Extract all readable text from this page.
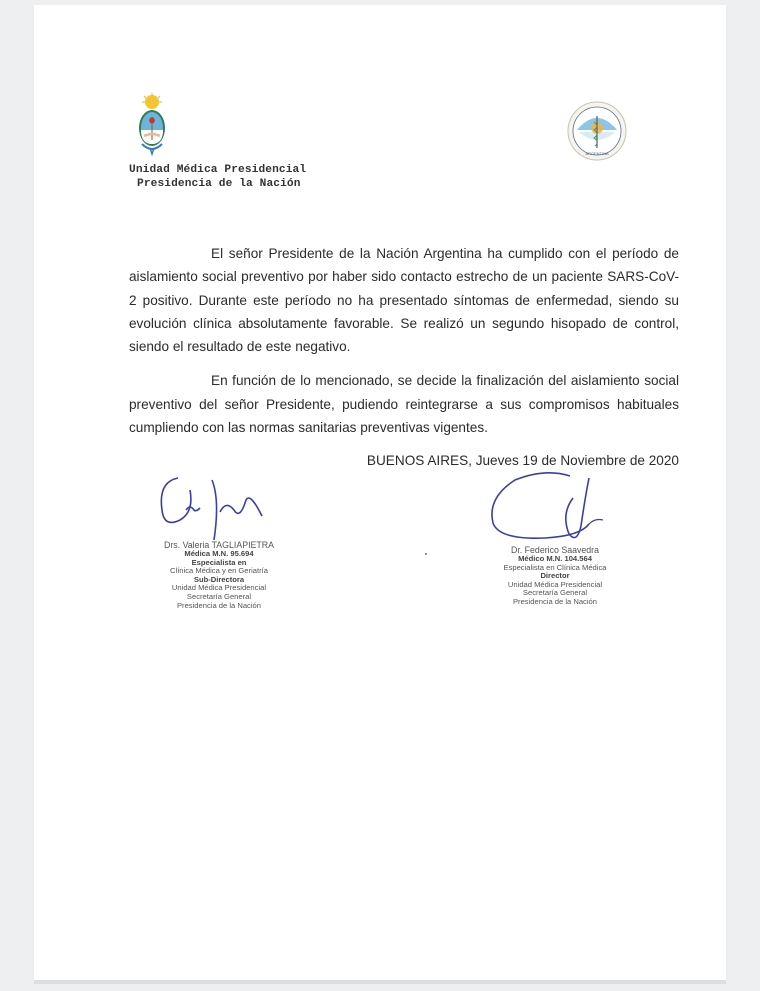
Unidad Médica Presidencial
Presidencia de la Nación
ARGENTINA

El señor Presidente de la Nación Argentina ha cumplido con el período de aislamiento social preventivo por haber sido contacto estrecho de un paciente SARS-CoV-2 positivo. Durante este período no ha presentado síntomas de enfermedad, siendo su evolución clínica absolutamente favorable. Se realizó un segundo hisopado de control, siendo el resultado de este negativo.

En función de lo mencionado, se decide la finalización del aislamiento social preventivo del señor Presidente, pudiendo reintegrarse a sus compromisos habituales cumpliendo con las normas sanitarias preventivas vigentes.

BUENOS AIRES, Jueves 19 de Noviembre de 2020
Drs. Valeria TAGLIAPIETRA
Médica M.N. 95.694
Especialista en
Clínica Médica y en Geriatría
Sub-Directora
Unidad Médica Presidencial
Secretaría General
Presidencia de la Nación
Dr. Federico Saavedra
Médico M.N. 104.564
Especialista en Clínica Médica
Director
Unidad Médica Presidencial
Secretaría General
Presidencia de la Nación
